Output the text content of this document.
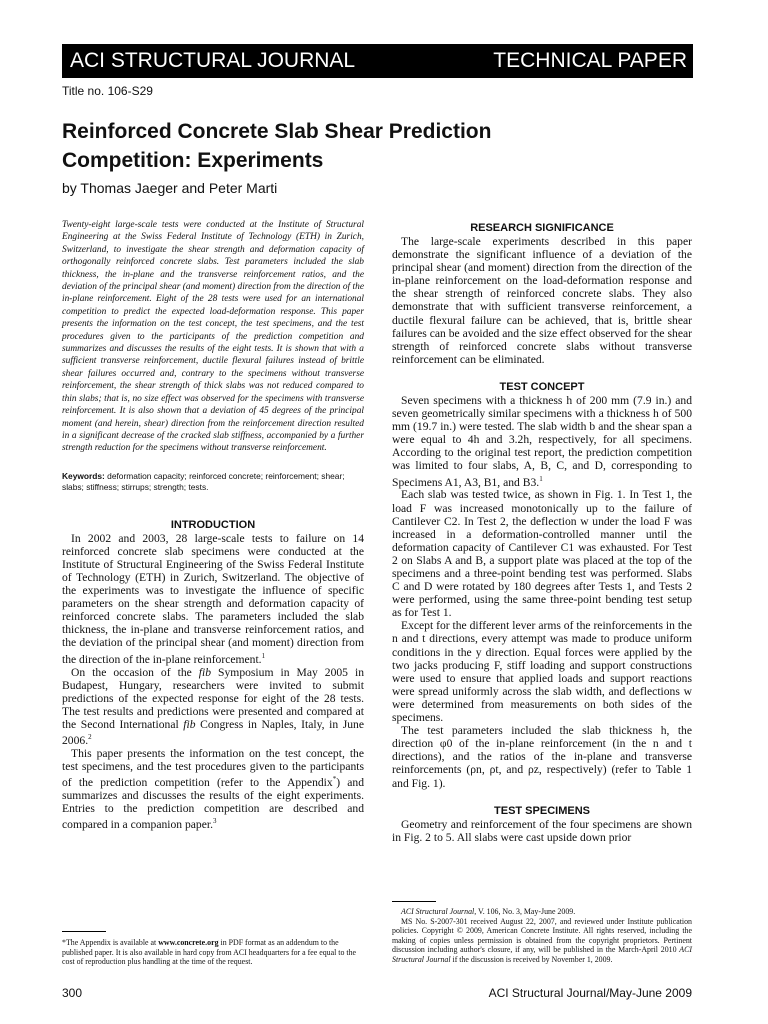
ACI STRUCTURAL JOURNAL	TECHNICAL PAPER
Title no. 106-S29
Reinforced Concrete Slab Shear Prediction Competition: Experiments
by Thomas Jaeger and Peter Marti

Twenty-eight large-scale tests were conducted at the Institute of Structural Engineering at the Swiss Federal Institute of Technology (ETH) in Zurich, Switzerland, to investigate the shear strength and deformation capacity of orthogonally reinforced concrete slabs. Test parameters included the slab thickness, the in-plane and the transverse reinforcement ratios, and the deviation of the principal shear (and moment) direction from the direction of the in-plane reinforcement. Eight of the 28 tests were used for an international competition to predict the expected load-deformation response. This paper presents the information on the test concept, the test specimens, and the test procedures given to the participants of the prediction competition and summarizes and discusses the results of the eight tests. It is shown that with a sufficient transverse reinforcement, ductile flexural failures instead of brittle shear failures occurred and, contrary to the specimens without transverse reinforcement, the shear strength of thick slabs was not reduced compared to thin slabs; that is, no size effect was observed for the specimens with transverse reinforcement. It is also shown that a deviation of 45 degrees of the principal moment (and herein, shear) direction from the reinforcement direction resulted in a significant decrease of the cracked slab stiffness, accompanied by a further strength reduction for the specimens without transverse reinforcement.

Keywords: deformation capacity; reinforced concrete; reinforcement; shear; slabs; stiffness; stirrups; strength; tests.

INTRODUCTION

In 2002 and 2003, 28 large-scale tests to failure on 14 reinforced concrete slab specimens were conducted at the Institute of Structural Engineering of the Swiss Federal Institute of Technology (ETH) in Zurich, Switzerland. The objective of the experiments was to investigate the influence of specific parameters on the shear strength and deformation capacity of reinforced concrete slabs. The parameters included the slab thickness, the in-plane and transverse reinforcement ratios, and the deviation of the principal shear (and moment) direction from the direction of the in-plane reinforcement.$^1$

On the occasion of the fib Symposium in May 2005 in Budapest, Hungary, researchers were invited to submit predictions of the expected response for eight of the 28 tests. The test results and predictions were presented and compared at the Second International fib Congress in Naples, Italy, in June 2006.$^2$

This paper presents the information on the test concept, the test specimens, and the test procedures given to the participants of the prediction competition (refer to the Appendix*) and summarizes and discusses the results of the eight experiments. Entries to the prediction competition are described and compared in a companion paper.$^3$

RESEARCH SIGNIFICANCE

The large-scale experiments described in this paper demonstrate the significant influence of a deviation of the principal shear (and moment) direction from the direction of the in-plane reinforcement on the load-deformation response and the shear strength of reinforced concrete slabs. They also demonstrate that with sufficient transverse reinforcement, a ductile flexural failure can be achieved, that is, brittle shear failures can be avoided and the size effect observed for the shear strength of reinforced concrete slabs without transverse reinforcement can be eliminated.

TEST CONCEPT

Seven specimens with a thickness h of 200 mm (7.9 in.) and seven geometrically similar specimens with a thickness h of 500 mm (19.7 in.) were tested. The slab width b and the shear span a were equal to 4h and 3.2h, respectively, for all specimens. According to the original test report, the prediction competition was limited to four slabs, A, B, C, and D, corresponding to Specimens A1, A3, B1, and B3.$^1$

Each slab was tested twice, as shown in Fig. 1. In Test 1, the load F was increased monotonically up to the failure of Cantilever C2. In Test 2, the deflection w under the load F was increased in a deformation-controlled manner until the deformation capacity of Cantilever C1 was exhausted. For Test 2 on Slabs A and B, a support plate was placed at the top of the specimens and a three-point bending test was performed. Slabs C and D were rotated by 180 degrees after Tests 1, and Tests 2 were performed, using the same three-point bending test setup as for Test 1.

Except for the different lever arms of the reinforcements in the n and t directions, every attempt was made to produce uniform conditions in the y direction. Equal forces were applied by the two jacks producing F, stiff loading and support constructions were used to ensure that applied loads and support reactions were spread uniformly across the slab width, and deflections w were determined from measurements on both sides of the specimens.

The test parameters included the slab thickness h, the direction φ0 of the in-plane reinforcement (in the n and t directions), and the ratios of the in-plane and transverse reinforcements (ρn, ρt, and ρz, respectively) (refer to Table 1 and Fig. 1).

TEST SPECIMENS

Geometry and reinforcement of the four specimens are shown in Fig. 2 to 5. All slabs were cast upside down prior

*The Appendix is available at www.concrete.org in PDF format as an addendum to the published paper. It is also available in hard copy from ACI headquarters for a fee equal to the cost of reproduction plus handling at the time of the request.

ACI Structural Journal, V. 106, No. 3, May-June 2009.
MS No. S-2007-301 received August 22, 2007, and reviewed under Institute publication policies. Copyright © 2009, American Concrete Institute. All rights reserved, including the making of copies unless permission is obtained from the copyright proprietors. Pertinent discussion including author's closure, if any, will be published in the March-April 2010 ACI Structural Journal if the discussion is received by November 1, 2009.
300	ACI Structural Journal/May-June 2009
